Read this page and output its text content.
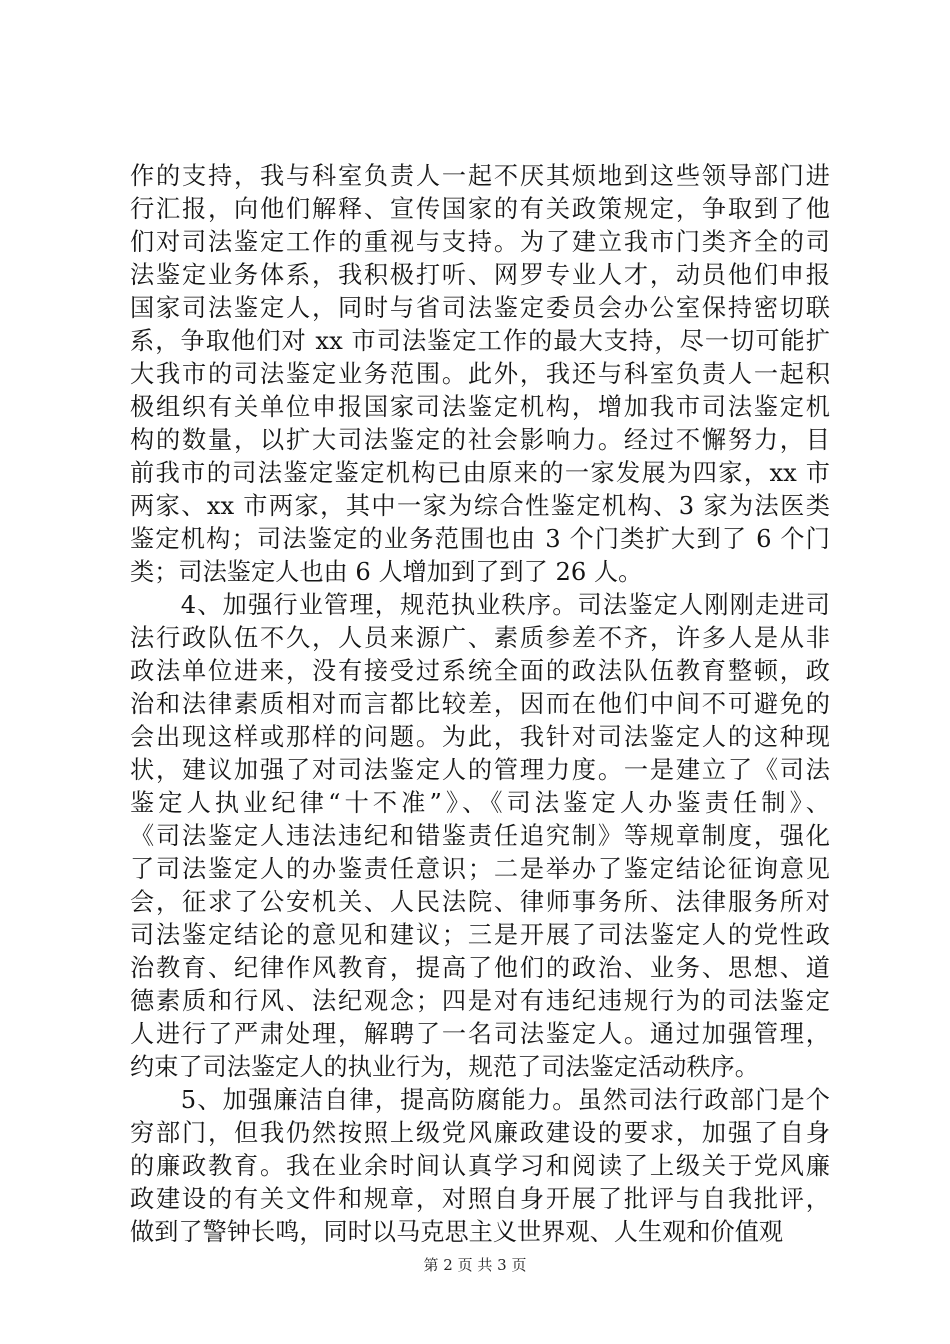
作的支持，我与科室负责人一起不厌其烦地到这些领导部门进
行汇报，向他们解释、宣传国家的有关政策规定，争取到了他
们对司法鉴定工作的重视与支持。为了建立我市门类齐全的司
法鉴定业务体系，我积极打听、网罗专业人才，动员他们申报
国家司法鉴定人，同时与省司法鉴定委员会办公室保持密切联
系，争取他们对 xx 市司法鉴定工作的最大支持，尽一切可能扩
大我市的司法鉴定业务范围。此外，我还与科室负责人一起积
极组织有关单位申报国家司法鉴定机构，增加我市司法鉴定机
构的数量，以扩大司法鉴定的社会影响力。经过不懈努力，目
前我市的司法鉴定鉴定机构已由原来的一家发展为四家，xx 市
两家、xx 市两家，其中一家为综合性鉴定机构、3 家为法医类
鉴定机构；司法鉴定的业务范围也由 3 个门类扩大到了 6 个门
类；司法鉴定人也由 6 人增加到了到了 26 人。
　　4、加强行业管理，规范执业秩序。司法鉴定人刚刚走进司
法行政队伍不久，人员来源广、素质参差不齐，许多人是从非
政法单位进来，没有接受过系统全面的政法队伍教育整顿，政
治和法律素质相对而言都比较差，因而在他们中间不可避免的
会出现这样或那样的问题。为此，我针对司法鉴定人的这种现
状，建议加强了对司法鉴定人的管理力度。一是建立了《司法
鉴定人执业纪律“十不准”》、《司法鉴定人办鉴责任制》、
《司法鉴定人违法违纪和错鉴责任追究制》等规章制度，强化
了司法鉴定人的办鉴责任意识；二是举办了鉴定结论征询意见
会，征求了公安机关、人民法院、律师事务所、法律服务所对
司法鉴定结论的意见和建议；三是开展了司法鉴定人的党性政
治教育、纪律作风教育，提高了他们的政治、业务、思想、道
德素质和行风、法纪观念；四是对有违纪违规行为的司法鉴定
人进行了严肃处理，解聘了一名司法鉴定人。通过加强管理，
约束了司法鉴定人的执业行为，规范了司法鉴定活动秩序。
　　5、加强廉洁自律，提高防腐能力。虽然司法行政部门是个
穷部门，但我仍然按照上级党风廉政建设的要求，加强了自身
的廉政教育。我在业余时间认真学习和阅读了上级关于党风廉
政建设的有关文件和规章，对照自身开展了批评与自我批评，
做到了警钟长鸣，同时以马克思主义世界观、人生观和价值观
第 2 页 共 3 页
